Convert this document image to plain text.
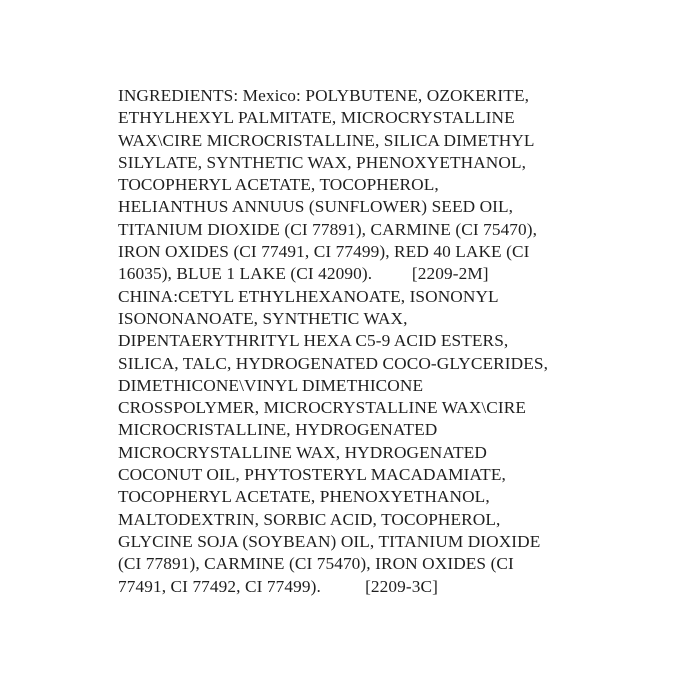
INGREDIENTS: Mexico: POLYBUTENE, OZOKERITE,
ETHYLHEXYL PALMITATE, MICROCRYSTALLINE
WAX\CIRE MICROCRISTALLINE, SILICA DIMETHYL
SILYLATE, SYNTHETIC WAX, PHENOXYETHANOL,
TOCOPHERYL ACETATE, TOCOPHEROL,
HELIANTHUS ANNUUS (SUNFLOWER) SEED OIL,
TITANIUM DIOXIDE (CI 77891), CARMINE (CI 75470),
IRON OXIDES (CI 77491, CI 77499), RED 40 LAKE (CI
16035), BLUE 1 LAKE (CI 42090).         [2209-2M]
CHINA:CETYL ETHYLHEXANOATE, ISONONYL
ISONONANOATE, SYNTHETIC WAX,
DIPENTAERYTHRITYL HEXA C5-9 ACID ESTERS,
SILICA, TALC, HYDROGENATED COCO-GLYCERIDES,
DIMETHICONE\VINYL DIMETHICONE
CROSSPOLYMER, MICROCRYSTALLINE WAX\CIRE
MICROCRISTALLINE, HYDROGENATED
MICROCRYSTALLINE WAX, HYDROGENATED
COCONUT OIL, PHYTOSTERYL MACADAMIATE,
TOCOPHERYL ACETATE, PHENOXYETHANOL,
MALTODEXTRIN, SORBIC ACID, TOCOPHEROL,
GLYCINE SOJA (SOYBEAN) OIL, TITANIUM DIOXIDE
(CI 77891), CARMINE (CI 75470), IRON OXIDES (CI
77491, CI 77492, CI 77499).          [2209-3C]
